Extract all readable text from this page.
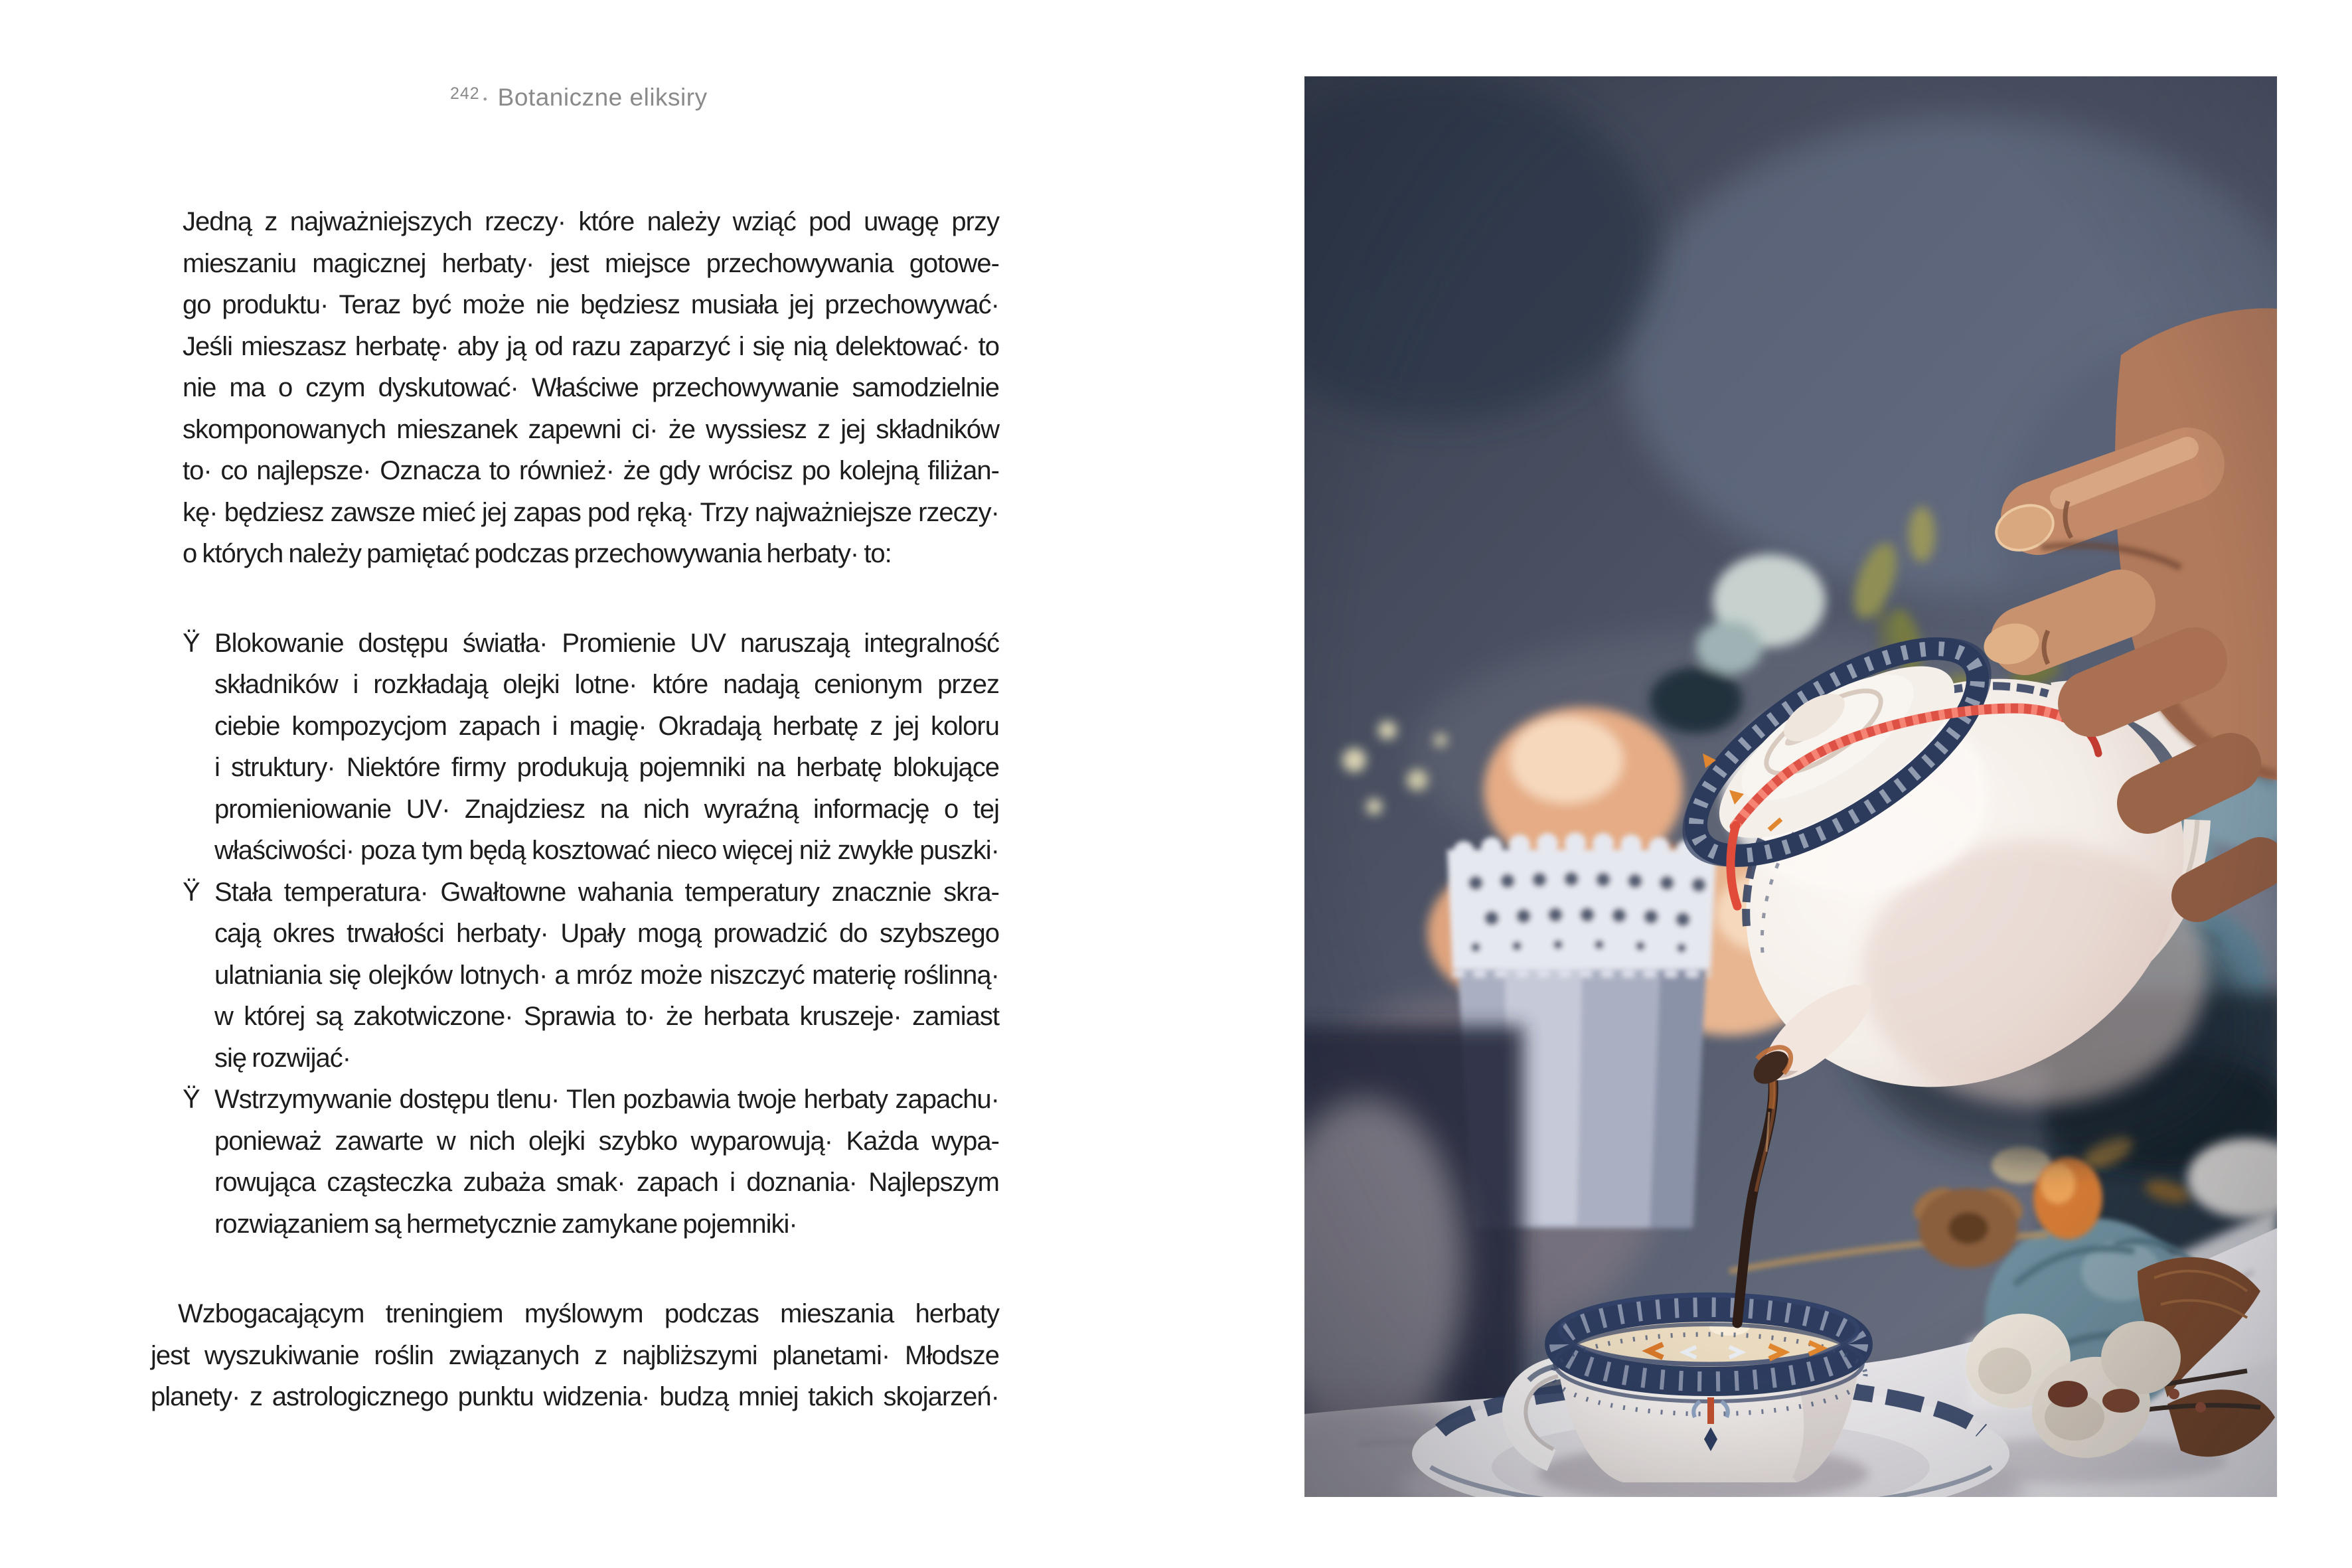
242 • Botaniczne eliksiry
Jedną z najważniejszych rzeczy· które należy wziąć pod uwagę przy
mieszaniu magicznej herbaty· jest miejsce przechowywania gotowe-
go produktu· Teraz być może nie będziesz musiała jej przechowywać·
Jeśli mieszasz herbatę· aby ją od razu zaparzyć i się nią delektować· to
nie ma o czym dyskutować· Właściwe przechowywanie samodzielnie
skomponowanych mieszanek zapewni ci· że wyssiesz z jej składników
to· co najlepsze· Oznacza to również· że gdy wrócisz po kolejną filiżan-
kę· będziesz zawsze mieć jej zapas pod ręką· Trzy najważniejsze rzeczy·
o których należy pamiętać podczas przechowywania herbaty· to:
Ÿ Blokowanie dostępu światła· Promienie UV naruszają integralność
składników i rozkładają olejki lotne· które nadają cenionym przez
ciebie kompozycjom zapach i magię· Okradają herbatę z jej koloru
i struktury· Niektóre firmy produkują pojemniki na herbatę blokujące
promieniowanie UV· Znajdziesz na nich wyraźną informację o tej
właściwości· poza tym będą kosztować nieco więcej niż zwykłe puszki·
Ÿ Stała temperatura· Gwałtowne wahania temperatury znacznie skra-
cają okres trwałości herbaty· Upały mogą prowadzić do szybszego
ulatniania się olejków lotnych· a mróz może niszczyć materię roślinną·
w której są zakotwiczone· Sprawia to· że herbata kruszeje· zamiast
się rozwijać·
Ÿ Wstrzymywanie dostępu tlenu· Tlen pozbawia twoje herbaty zapachu·
ponieważ zawarte w nich olejki szybko wyparowują· Każda wypa-
rowująca cząsteczka zubaża smak· zapach i doznania· Najlepszym
rozwiązaniem są hermetycznie zamykane pojemniki·
Wzbogacającym treningiem myślowym podczas mieszania herbaty
jest wyszukiwanie roślin związanych z najbliższymi planetami· Młodsze
planety· z astrologicznego punktu widzenia· budzą mniej takich skojarzeń·
